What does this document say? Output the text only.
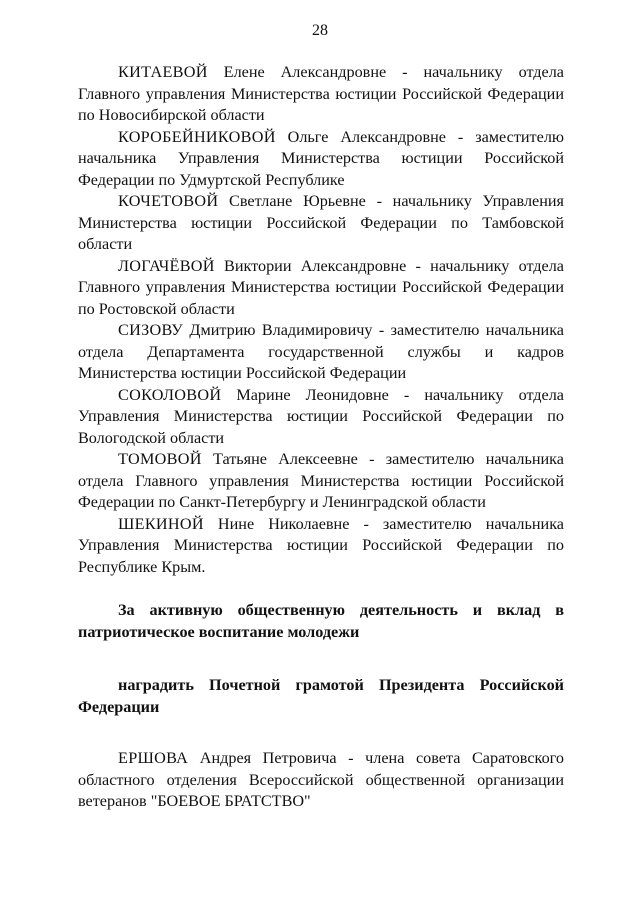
28

КИТАЕВОЙ Елене Александровне - начальнику отдела Главного управления Министерства юстиции Российской Федерации по Новосибирской области

КОРОБЕЙНИКОВОЙ Ольге Александровне - заместителю начальника Управления Министерства юстиции Российской Федерации по Удмуртской Республике

КОЧЕТОВОЙ Светлане Юрьевне - начальнику Управления Министерства юстиции Российской Федерации по Тамбовской области

ЛОГАЧЁВОЙ Виктории Александровне - начальнику отдела Главного управления Министерства юстиции Российской Федерации по Ростовской области

СИЗОВУ Дмитрию Владимировичу - заместителю начальника отдела Департамента государственной службы и кадров Министерства юстиции Российской Федерации

СОКОЛОВОЙ Марине Леонидовне - начальнику отдела Управления Министерства юстиции Российской Федерации по Вологодской области

ТОМОВОЙ Татьяне Алексеевне - заместителю начальника отдела Главного управления Министерства юстиции Российской Федерации по Санкт-Петербургу и Ленинградской области

ШЕКИНОЙ Нине Николаевне - заместителю начальника Управления Министерства юстиции Российской Федерации по Республике Крым.

За активную общественную деятельность и вклад в патриотическое воспитание молодежи

наградить Почетной грамотой Президента Российской Федерации

ЕРШОВА Андрея Петровича - члена совета Саратовского областного отделения Всероссийской общественной организации ветеранов "БОЕВОЕ БРАТСТВО"
